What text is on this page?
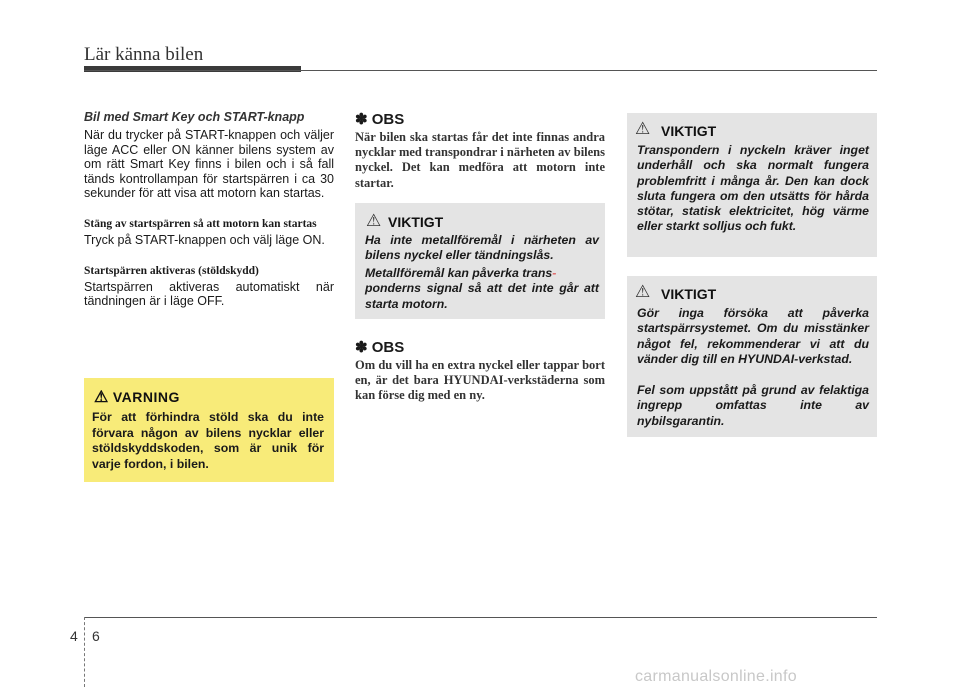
Lär känna bilen

Bil med Smart Key och START-knapp

När du trycker på START-knappen och väljer läge ACC eller ON känner bilens system av om rätt Smart Key finns i bilen och i så fall tänds kontrollampan för startspärren i ca 30 sekunder för att visa att motorn kan startas.

Stäng av startspärren så att motorn kan startas

Tryck på START-knappen och välj läge ON.

Startspärren aktiveras (stöldskydd)

Startspärren aktiveras automatiskt när tändningen är i läge OFF.

⚠ VARNING
För att förhindra stöld ska du inte förvara någon av bilens nycklar eller stöldskyddskoden, som är unik för varje fordon, i bilen.

✽ OBS

När bilen ska startas får det inte finnas andra nycklar med transpondrar i närheten av bilens nyckel. Det kan medföra att motorn inte startar.

⚠ VIKTIGT
Ha inte metallföremål i närheten av bilens nyckel eller tändningslås.
Metallföremål kan påverka trans-
ponderns signal så att det inte går att starta motorn.

✽ OBS

Om du vill ha en extra nyckel eller tappar bort en, är det bara HYUNDAI-verkstäderna som kan förse dig med en ny.

⚠ VIKTIGT
Transpondern i nyckeln kräver inget underhåll och ska normalt fungera problemfritt i många år. Den kan dock sluta fungera om den utsätts för hårda stötar, statisk elektricitet, hög värme eller starkt solljus och fukt.
⚠ VIKTIGT
Gör inga försöka att påverka startspärrsystemet. Om du misstänker något fel, rekommenderar vi att du vänder dig till en HYUNDAI-verkstad.
Fel som uppstått på grund av felaktiga ingrepp omfattas inte av nybilsgarantin.
4 6
carmanualsonline.info
